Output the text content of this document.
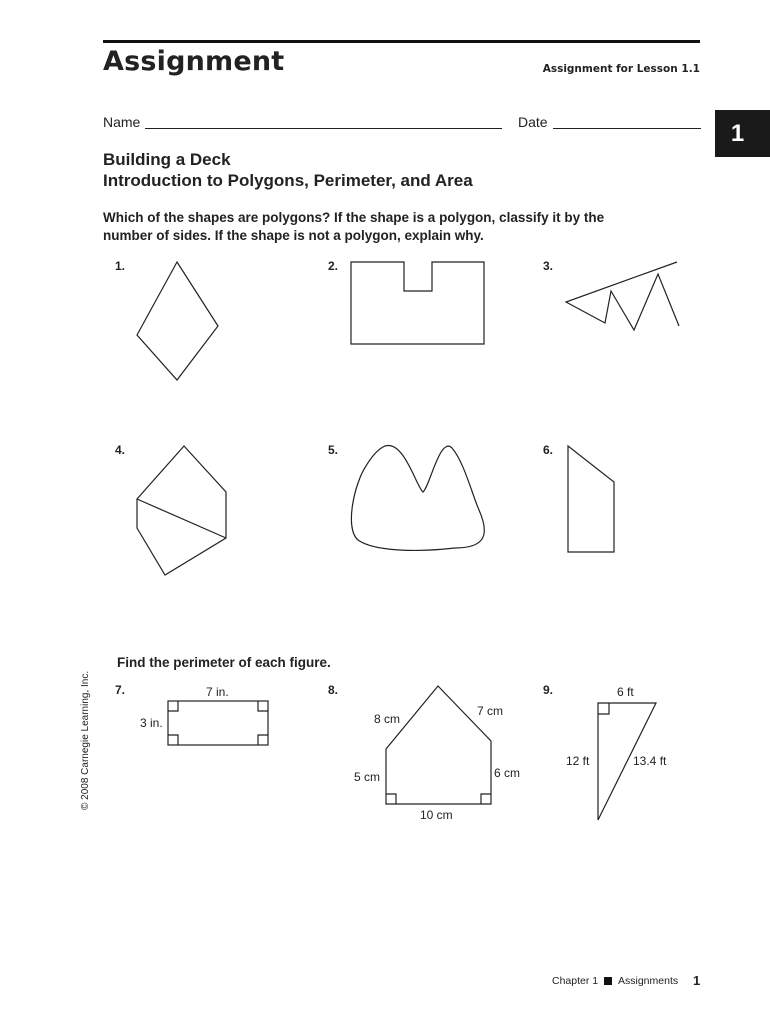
Assignment	Assignment for Lesson 1.1
1
Name	Date
Building a Deck
Introduction to Polygons, Perimeter, and Area
Which of the shapes are polygons? If the shape is a polygon, classify it by the
number of sides. If the shape is not a polygon, explain why.
1.	2.	3.
4.	5.	6.
Find the perimeter of each figure.
7.	8.	9.
7 in.
3 in.	8 cm
7 cm
5 cm	6 cm
10 cm
6 ft
12 ft	13.4 ft
© 2008 Carnegie Learning, Inc.
Chapter 1 Assignments 1
